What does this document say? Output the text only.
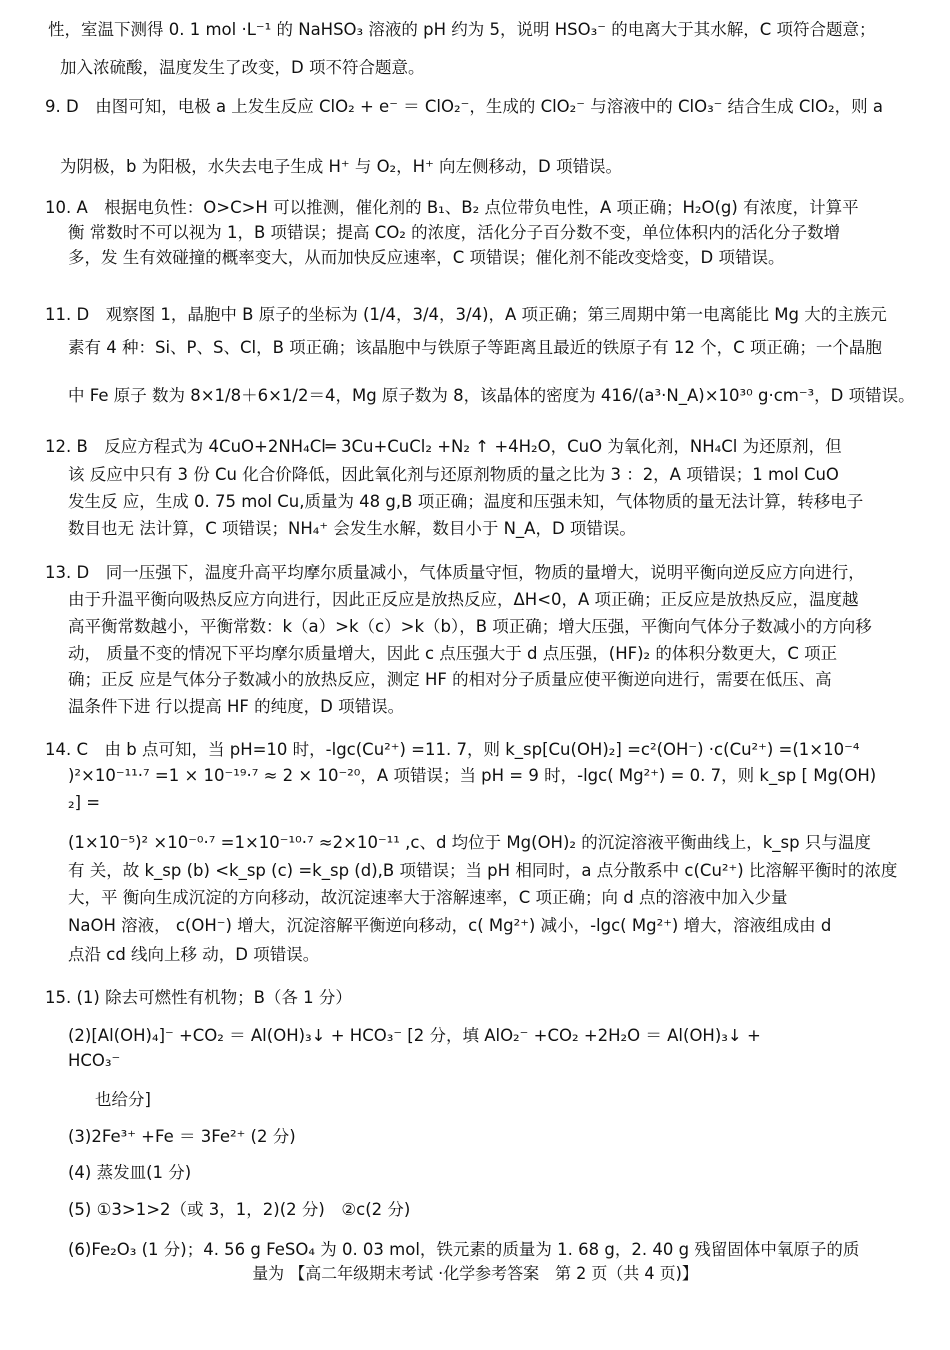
性，室温下测得 0. 1 mol ·L⁻¹ 的 NaHSO₃ 溶液的 pH 约为 5，说明 HSO₃⁻ 的电离大于其水解，C 项符合题意；
加入浓硫酸，温度发生了改变，D 项不符合题意。
9. D　由图可知，电极 a 上发生反应 ClO₂ + e⁻ ＝ ClO₂⁻，生成的 ClO₂⁻ 与溶液中的 ClO₃⁻ 结合生成 ClO₂，则 a
为阴极，b 为阳极，水失去电子生成 H⁺ 与 O₂，H⁺ 向左侧移动，D 项错误。
10. A　根据电负性：O>C>H 可以推测，催化剂的 B₁、B₂ 点位带负电性，A 项正确；H₂O(g) 有浓度，计算平
衡 常数时不可以视为 1，B 项错误；提高 CO₂ 的浓度，活化分子百分数不变，单位体积内的活化分子数增
多，发 生有效碰撞的概率变大，从而加快反应速率，C 项错误；催化剂不能改变焓变，D 项错误。
11. D　观察图 1，晶胞中 B 原子的坐标为 (1/4，3/4，3/4)，A 项正确；第三周期中第一电离能比 Mg 大的主族元
素有 4 种：Si、P、S、Cl，B 项正确；该晶胞中与铁原子等距离且最近的铁原子有 12 个，C 项正确；一个晶胞
中 Fe 原子 数为 8×1/8＋6×1/2＝4，Mg 原子数为 8，该晶体的密度为 416/(a³·N_A)×10³⁰ g·cm⁻³，D 项错误。
12. B　反应方程式为 4CuO+2NH₄Cl═ 3Cu+CuCl₂ +N₂ ↑ +4H₂O，CuO 为氧化剂，NH₄Cl 为还原剂，但
该 反应中只有 3 份 Cu 化合价降低，因此氧化剂与还原剂物质的量之比为 3 ：2，A 项错误；1 mol CuO
发生反 应，生成 0. 75 mol Cu,质量为 48 g,B 项正确；温度和压强未知，气体物质的量无法计算，转移电子
数目也无 法计算，C 项错误；NH₄⁺ 会发生水解，数目小于 N_A，D 项错误。
13. D　同一压强下，温度升高平均摩尔质量减小，气体质量守恒，物质的量增大，说明平衡向逆反应方向进行，
由于升温平衡向吸热反应方向进行，因此正反应是放热反应，ΔH<0，A 项正确；正反应是放热反应，温度越
高平衡常数越小，平衡常数：k（a）>k（c）>k（b），B 项正确；增大压强，平衡向气体分子数减小的方向移
动， 质量不变的情况下平均摩尔质量增大，因此 c 点压强大于 d 点压强，(HF)₂ 的体积分数更大，C 项正
确；正反 应是气体分子数减小的放热反应，测定 HF 的相对分子质量应使平衡逆向进行，需要在低压、高
温条件下进 行以提高 HF 的纯度，D 项错误。
14. C　由 b 点可知，当 pH=10 时，-lgc(Cu²⁺) =11. 7，则 k_sp[Cu(OH)₂] =c²(OH⁻) ·c(Cu²⁺) =(1×10⁻⁴
)²×10⁻¹¹·⁷ =1 × 10⁻¹⁹·⁷ ≈ 2 × 10⁻²⁰，A 项错误；当 pH = 9 时，-lgc( Mg²⁺) = 0. 7，则 k_sp [ Mg(OH)
₂] =
(1×10⁻⁵)² ×10⁻⁰·⁷ =1×10⁻¹⁰·⁷ ≈2×10⁻¹¹ ,c、d 均位于 Mg(OH)₂ 的沉淀溶液平衡曲线上，k_sp 只与温度
有 关，故 k_sp (b) <k_sp (c) =k_sp (d),B 项错误；当 pH 相同时，a 点分散系中 c(Cu²⁺) 比溶解平衡时的浓度
大，平 衡向生成沉淀的方向移动，故沉淀速率大于溶解速率，C 项正确；向 d 点的溶液中加入少量
NaOH 溶液， c(OH⁻) 增大，沉淀溶解平衡逆向移动，c( Mg²⁺) 减小，-lgc( Mg²⁺) 增大，溶液组成由 d
点沿 cd 线向上移 动，D 项错误。
15. (1) 除去可燃性有机物；B（各 1 分）
(2)[Al(OH)₄]⁻ +CO₂ ＝ Al(OH)₃↓ + HCO₃⁻ [2 分，填 AlO₂⁻ +CO₂ +2H₂O ＝ Al(OH)₃↓ +
HCO₃⁻
也给分]
(3)2Fe³⁺ +Fe ＝ 3Fe²⁺ (2 分)
(4) 蒸发皿(1 分)
(5) ①3>1>2（或 3，1，2)(2 分)　②c(2 分)
(6)Fe₂O₃ (1 分)；4. 56 g FeSO₄ 为 0. 03 mol，铁元素的质量为 1. 68 g，2. 40 g 残留固体中氧原子的质
量为 【高二年级期末考试 ·化学参考答案　第 2 页（共 4 页)】
